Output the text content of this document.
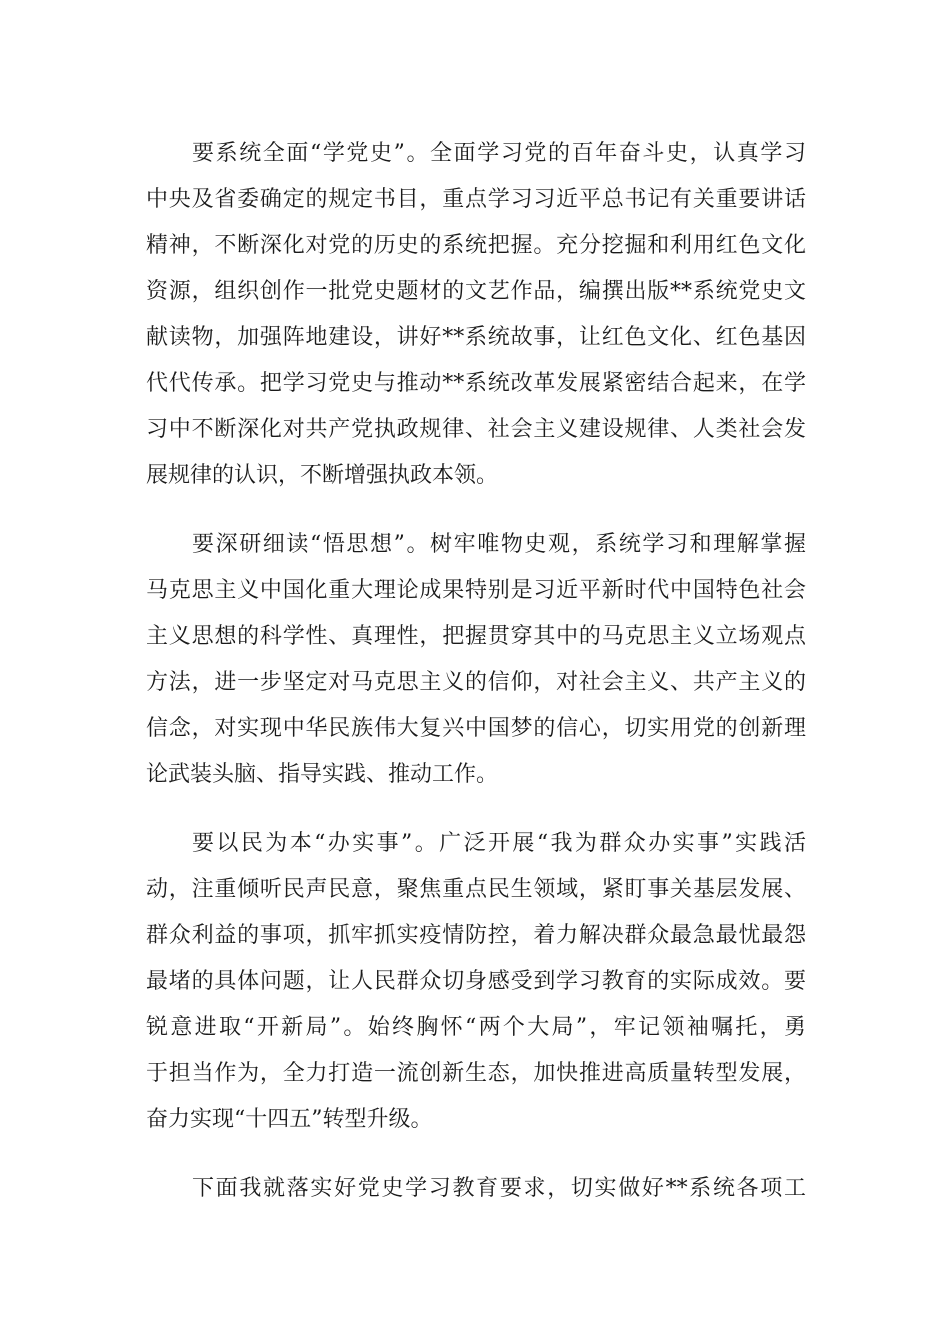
要系统全面“学党史”。全面学习党的百年奋斗史，认真学习
中央及省委确定的规定书目，重点学习习近平总书记有关重要讲话
精神，不断深化对党的历史的系统把握。充分挖掘和利用红色文化
资源，组织创作一批党史题材的文艺作品，编撰出版**系统党史文
献读物，加强阵地建设，讲好**系统故事，让红色文化、红色基因
代代传承。把学习党史与推动**系统改革发展紧密结合起来，在学
习中不断深化对共产党执政规律、社会主义建设规律、人类社会发
展规律的认识，不断增强执政本领。
要深研细读“悟思想”。树牢唯物史观，系统学习和理解掌握
马克思主义中国化重大理论成果特别是习近平新时代中国特色社会
主义思想的科学性、真理性，把握贯穿其中的马克思主义立场观点
方法，进一步坚定对马克思主义的信仰，对社会主义、共产主义的
信念，对实现中华民族伟大复兴中国梦的信心，切实用党的创新理
论武装头脑、指导实践、推动工作。
要以民为本“办实事”。广泛开展“我为群众办实事”实践活
动，注重倾听民声民意，聚焦重点民生领域，紧盯事关基层发展、
群众利益的事项，抓牢抓实疫情防控，着力解决群众最急最忧最怨
最堵的具体问题，让人民群众切身感受到学习教育的实际成效。要
锐意进取“开新局”。始终胸怀“两个大局”，牢记领袖嘱托，勇
于担当作为，全力打造一流创新生态，加快推进高质量转型发展，
奋力实现“十四五”转型升级。
下面我就落实好党史学习教育要求，切实做好**系统各项工
